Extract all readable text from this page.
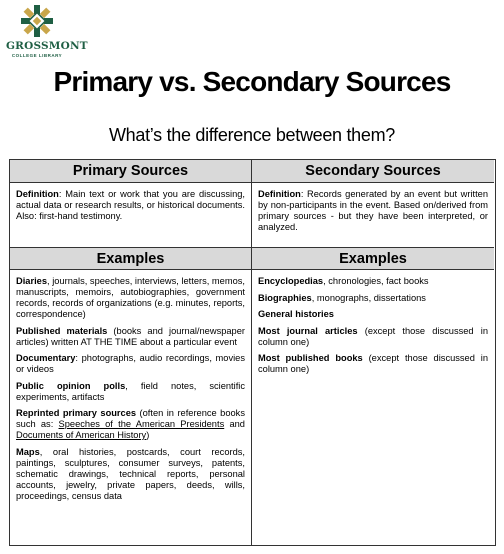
GROSSMONT
COLLEGE LIBRARY
Primary vs. Secondary Sources
What’s the difference between them?
Primary Sources	Secondary Sources
Definition: Main text or work that you are discussing, actual data or research results, or historical documents. Also: first-hand testimony.
Definition: Records generated by an event but written by non-participants in the event. Based on/derived from primary sources - but they have been interpreted, or analyzed.
Examples	Examples

Diaries, journals, speeches, interviews, letters, memos, manuscripts, memoirs, autobiographies, government records, records of organizations (e.g. minutes, reports, correspondence)

Published materials (books and journal/newspaper articles) written AT THE TIME about a particular event

Documentary: photographs, audio recordings, movies or videos

Public opinion polls, field notes, scientific experiments, artifacts

Reprinted primary sources (often in reference books such as: Speeches of the American Presidents and Documents of American History)

Maps, oral histories, postcards, court records, paintings, sculptures, consumer surveys, patents, schematic drawings, technical reports, personal accounts, jewelry, private papers, deeds, wills, proceedings, census data

Encyclopedias, chronologies, fact books

Biographies, monographs, dissertations

General histories

Most journal articles (except those discussed in column one)

Most published books (except those discussed in column one)
